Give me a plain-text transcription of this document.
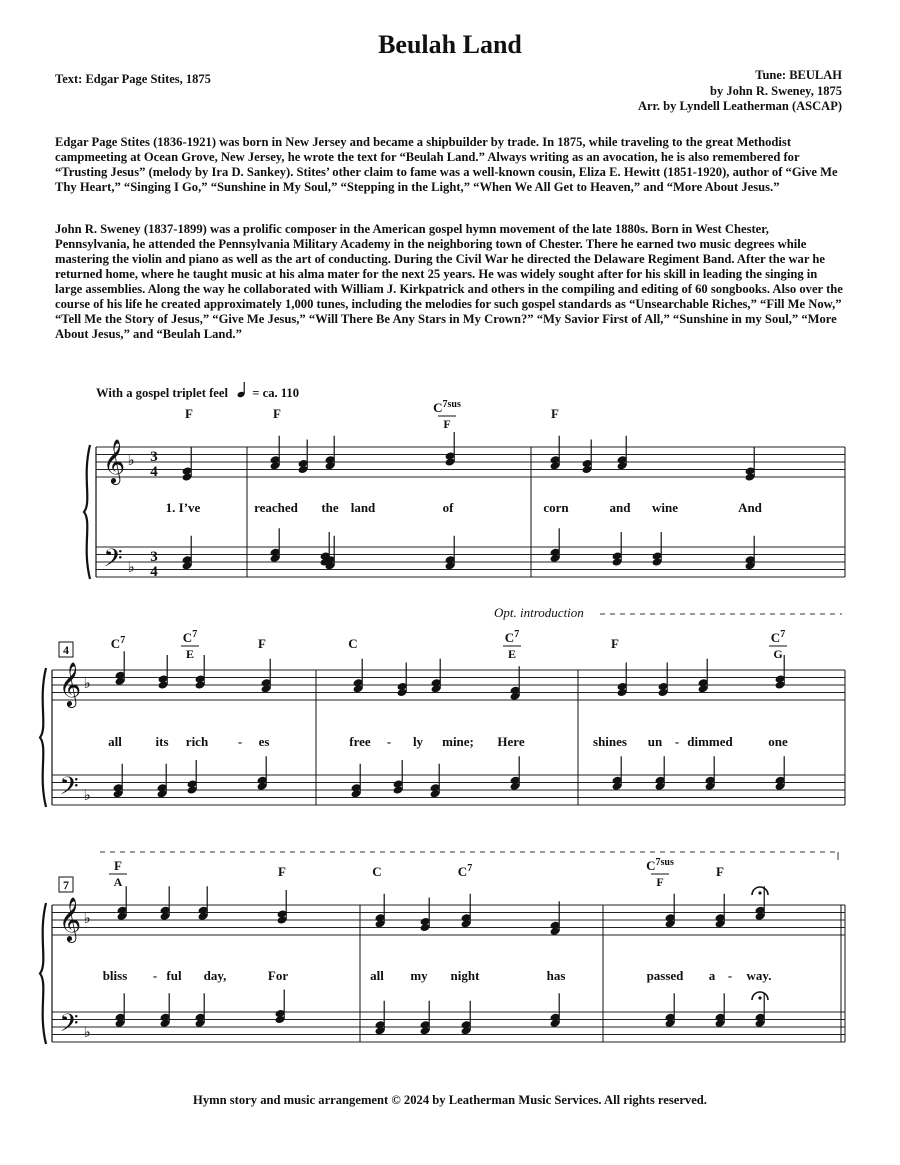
Beulah Land
Text: Edgar Page Stites, 1875	Tune: BEULAH
by John R. Sweney, 1875
Arr. by Lyndell Leatherman (ASCAP)

Edgar Page Stites (1836-1921) was born in New Jersey and became a shipbuilder by trade. In 1875, while traveling to the great Methodist campmeeting at Ocean Grove, New Jersey, he wrote the text for “Beulah Land.” Always writing as an avocation, he is also remembered for “Trusting Jesus” (melody by Ira D. Sankey). Stites’ other claim to fame was a well-known cousin, Eliza E. Hewitt (1851-1920), author of “Give Me Thy Heart,” “Singing I Go,” “Sunshine in My Soul,” “Stepping in the Light,” “When We All Get to Heaven,” and “More About Jesus.”

John R. Sweney (1837-1899) was a prolific composer in the American gospel hymn movement of the late 1880s. Born in West Chester, Pennsylvania, he attended the Pennsylvania Military Academy in the neighboring town of Chester. There he earned two music degrees while mastering the violin and piano as well as the art of conducting. During the Civil War he directed the Delaware Regiment Band. After the war he returned home, where he taught music at his alma mater for the next 25 years. He was widely sought after for his skill in leading the singing in large assemblies. Along the way he collaborated with William J. Kirkpatrick and others in the compiling and editing of 60 songbooks. Also over the course of his life he created approximately 1,000 tunes, including the melodies for such gospel standards as “Unsearchable Riches,” “Fill Me Now,” “Tell Me the Story of Jesus,” “Give Me Jesus,” “Will There Be Any Stars in My Crown?” “My Savior First of All,” “Sunshine in my Soul,” “More About Jesus,” and “Beulah Land.”

With a gospel triplet feel = ca. 110
𝄞
𝄢
♭
♭
3
4
3
4
F	F	$C^7sus$
F
F
1. I’ve	reached the land	of	corn	and wine	And
𝄞
𝄢
♭
♭
$C^7$	$C^7$
E
F	C	$C^7$
E
F	$C^7$
G
all	its rich - es	free - ly mine; Here	shines un - dimmed	one
𝄞
𝄢
♭
♭
F
A
F	C	$C^7$	$C^7sus$
F
F
bliss - ful day,	For	all my night	has	passed a - way.
4
7
Opt. introduction
Hymn story and music arrangement © 2024 by Leatherman Music Services. All rights reserved.
